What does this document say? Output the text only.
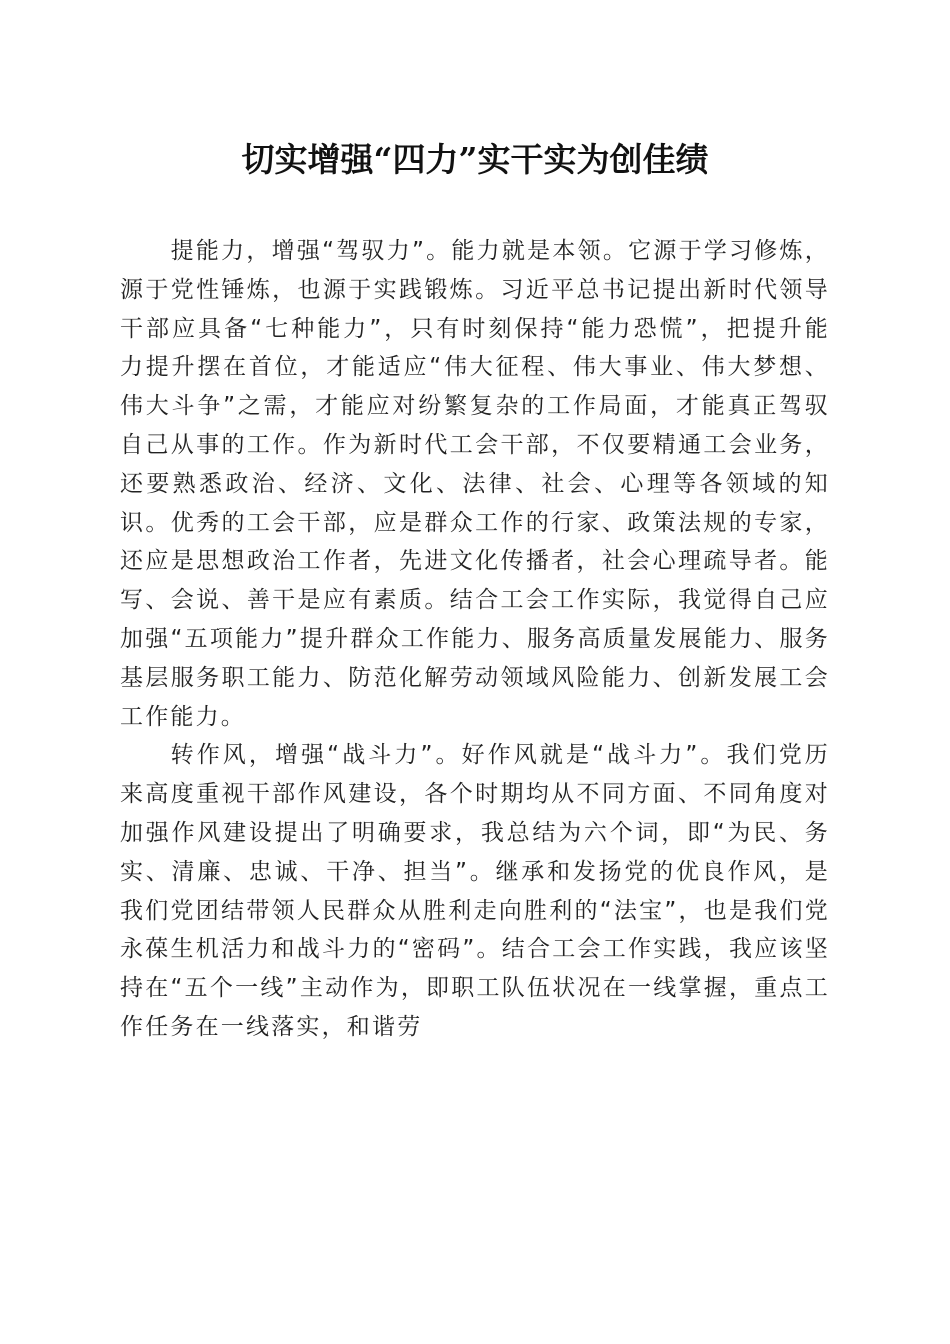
切实增强“四力”实干实为创佳绩

提能力，增强“驾驭力”。能力就是本领。它源于学习修炼，源于党性锤炼，也源于实践锻炼。习近平总书记提出新时代领导干部应具备“七种能力”，只有时刻保持“能力恐慌”，把提升能力提升摆在首位，才能适应“伟大征程、伟大事业、伟大梦想、伟大斗争”之需，才能应对纷繁复杂的工作局面，才能真正驾驭自己从事的工作。作为新时代工会干部，不仅要精通工会业务，还要熟悉政治、经济、文化、法律、社会、心理等各领域的知识。优秀的工会干部，应是群众工作的行家、政策法规的专家，还应是思想政治工作者，先进文化传播者，社会心理疏导者。能写、会说、善干是应有素质。结合工会工作实际，我觉得自己应加强“五项能力”提升群众工作能力、服务高质量发展能力、服务基层服务职工能力、防范化解劳动领域风险能力、创新发展工会工作能力。

转作风，增强“战斗力”。好作风就是“战斗力”。我们党历来高度重视干部作风建设，各个时期均从不同方面、不同角度对加强作风建设提出了明确要求，我总结为六个词，即“为民、务实、清廉、忠诚、干净、担当”。继承和发扬党的优良作风，是我们党团结带领人民群众从胜利走向胜利的“法宝”，也是我们党永葆生机活力和战斗力的“密码”。结合工会工作实践，我应该坚持在“五个一线”主动作为，即职工队伍状况在一线掌握，重点工作任务在一线落实，和谐劳
